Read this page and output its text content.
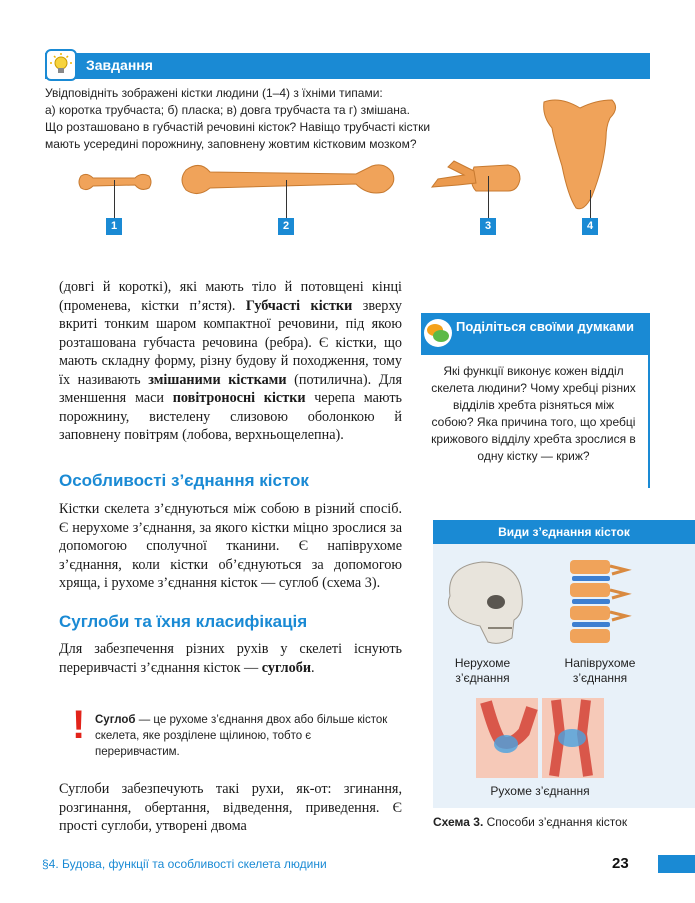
Завдання
Увідповідніть зображені кістки людини (1–4) з їхніми типами:
а) коротка трубчаста; б) пласка; в) довга трубчаста та г) змішана.
Що розташовано в губчастій речовині кісток? Навіщо трубчасті кістки
мають усередині порожнину, заповнену жовтим кістковим мозком?
1	2	3	4

(довгі й короткі), які мають тіло й потовщені кінці (променева, кістки п’ястя). Губчасті кістки зверху вкриті тонким шаром компактної речовини, під якою розташована губчаста речовина (ребра). Є кістки, що мають складну форму, різну будову й походження, тому їх називають змішаними кістками (потилична). Для зменшення маси повітроносні кістки черепа мають порожнину, вистелену слизовою оболонкою й заповнену повітрям (лобова, верхньощелепна).

Особливості з’єднання кісток

Кістки скелета з’єднуються між собою в різний спосіб. Є нерухоме з’єднання, за якого кістки міцно зрослися за допомогою сполучної тканини. Є напіврухоме з’єднання, коли кістки об’єднуються за допомогою хряща, і рухоме з’єднання кісток — суглоб (схема 3).

Суглоби та їхня класифікація

Для забезпечення різних рухів у скелеті існують переривчасті з’єднання кісток — суглоби.

! Суглоб — це рухоме з’єднання двох або більше кісток скелета, яке розділене щілиною, тобто є переривчастим.

Суглоби забезпечують такі рухи, як-от: згинання, розгинання, обертання, відведення, приведення. Є прості суглоби, утворені двома

Поділіться своїми думками
Які функції виконує кожен відділ скелета людини? Чому хребці різних відділів хребта різняться між собою? Яка причина того, що хребці крижового відділу хребта зрослися в одну кістку — криж?
Види з’єднання кісток
Нерухоме з’єднання
Напіврухоме з’єднання
Рухоме з’єднання
Схема 3. Способи з’єднання кісток
§4. Будова, функції та особливості скелета людини	23
